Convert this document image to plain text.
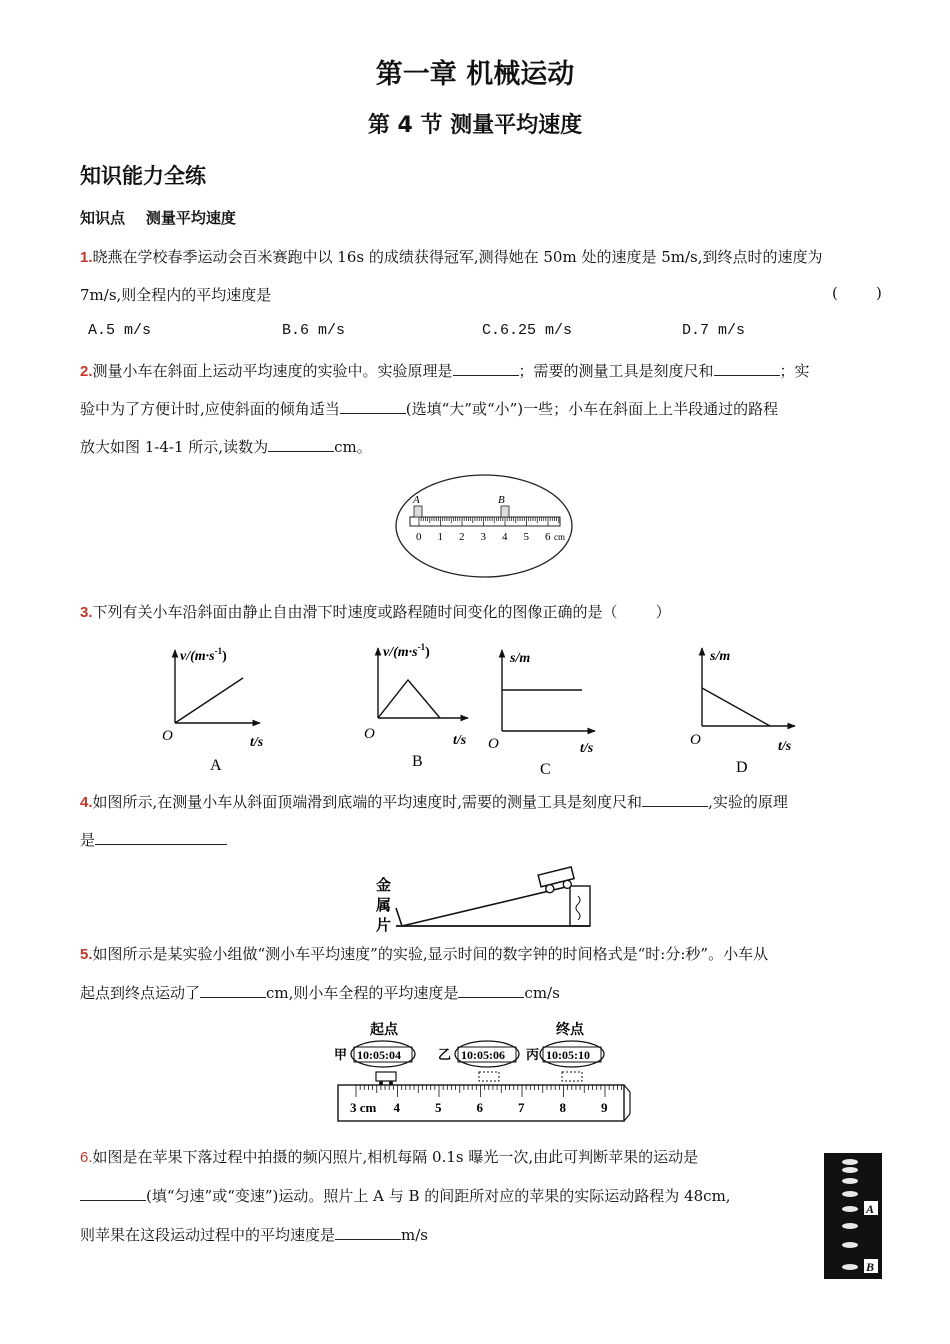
第一章 机械运动
第 4 节 测量平均速度
知识能力全练
知识点    测量平均速度
1.晓燕在学校春季运动会百米赛跑中以 16s 的成绩获得冠军,测得她在 50m 处的速度是 5m/s,到终点时的速度为
7m/s,则全程内的平均速度是	(        )
A.5 m/s	B.6 m/s	C.6.25 m/s	D.7 m/s
2.测量小车在斜面上运动平均速度的实验中。实验原理是	；需要的测量工具是刻度尺和	；实
验中为了方便计时,应使斜面的倾角适当	(选填“大”或“小”)一些；小车在斜面上上半段通过的路程
放大如图 1-4-1 所示,读数为	cm。
A	B
0 1 2 3 4 5 6 cm
3.下列有关小车沿斜面由静止自由滑下时速度或路程随时间变化的图像正确的是（        ）
$v/(m\cdot s^{-1})$
O	t/s
A
$v/(m\cdot s^{-1})$
O	t/s
B
s/m
O	t/s
C
s/m
O	t/s
D
4.如图所示,在测量小车从斜面顶端滑到底端的平均速度时,需要的测量工具是刻度尺和	,实验的原理
是
金
属
片
5.如图所示是某实验小组做“测小车平均速度”的实验,显示时间的数字钟的时间格式是“时:分:秒”。小车从
起点到终点运动了	cm,则小车全程的平均速度是	cm/s
起点	终点
甲 10:05:04	乙 10:05:06 丙 10:05:10
3 cm 4	5	6	7	8	9
6.如图是在苹果下落过程中拍摄的频闪照片,相机每隔 0.1s 曝光一次,由此可判断苹果的运动是
(填“匀速”或“变速”)运动。照片上 A 与 B 的间距所对应的苹果的实际运动路程为 48cm,
则苹果在这段运动过程中的平均速度是	m/s
A
B
